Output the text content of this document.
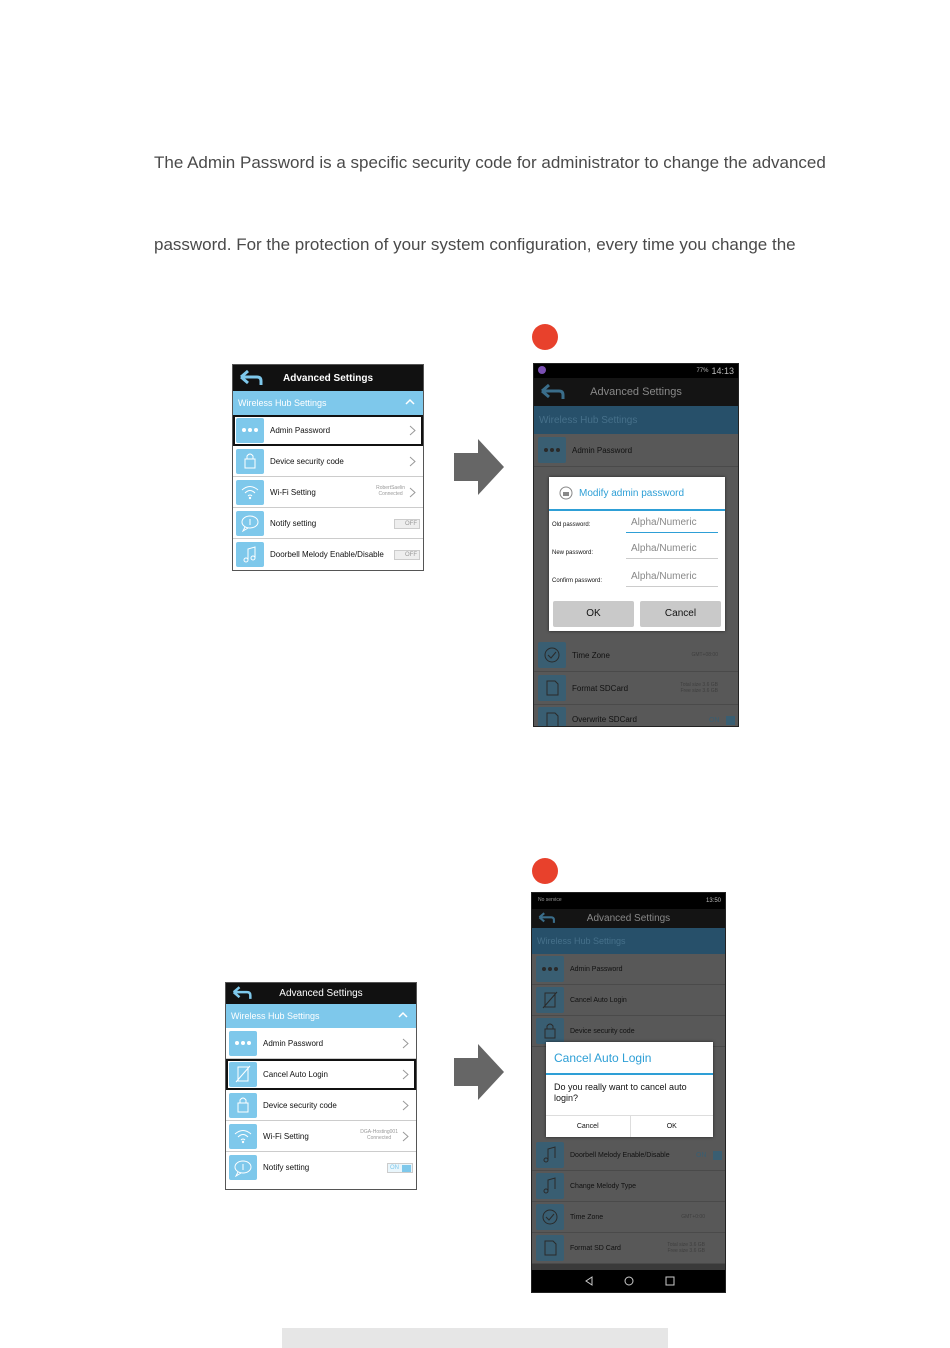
The Admin Password is a specific security code for administrator to change the advanced
password. For the protection of your system configuration, every time you change the
Advanced Settings
Wireless Hub Settings
Admin Password
Device security code
Wi-Fi Setting	RobertSaelin
Connected
Notify setting	OFF
Doorbell Melody Enable/Disable	OFF
77% 14:13
Advanced Settings
Wireless Hub Settings
Admin Password
Time Zone	GMT+08:00
Format SDCard	Total size 3.6 GB
Free size 3.6 GB
Overwrite SDCard	ON
Modify admin password
Old password:	Alpha/Numeric
New password:	Alpha/Numeric
Confirm password:	Alpha/Numeric
OK	Cancel
Advanced Settings
Wireless Hub Settings
Admin Password
Cancel Auto Login
Device security code
Wi-Fi Setting	DGA-Hosting001
Connected
Notify setting	ON
No service	13:50
Advanced Settings
Wireless Hub Settings
Admin Password
Cancel Auto Login
Device security code
Doorbell Melody Enable/Disable	ON
Change Melody Type
Time Zone	GMT+0:00
Format SD Card	Total size 3.6 GB
Free size 3.6 GB
Cancel Auto Login
Do you really want to cancel auto login?
Cancel	OK
